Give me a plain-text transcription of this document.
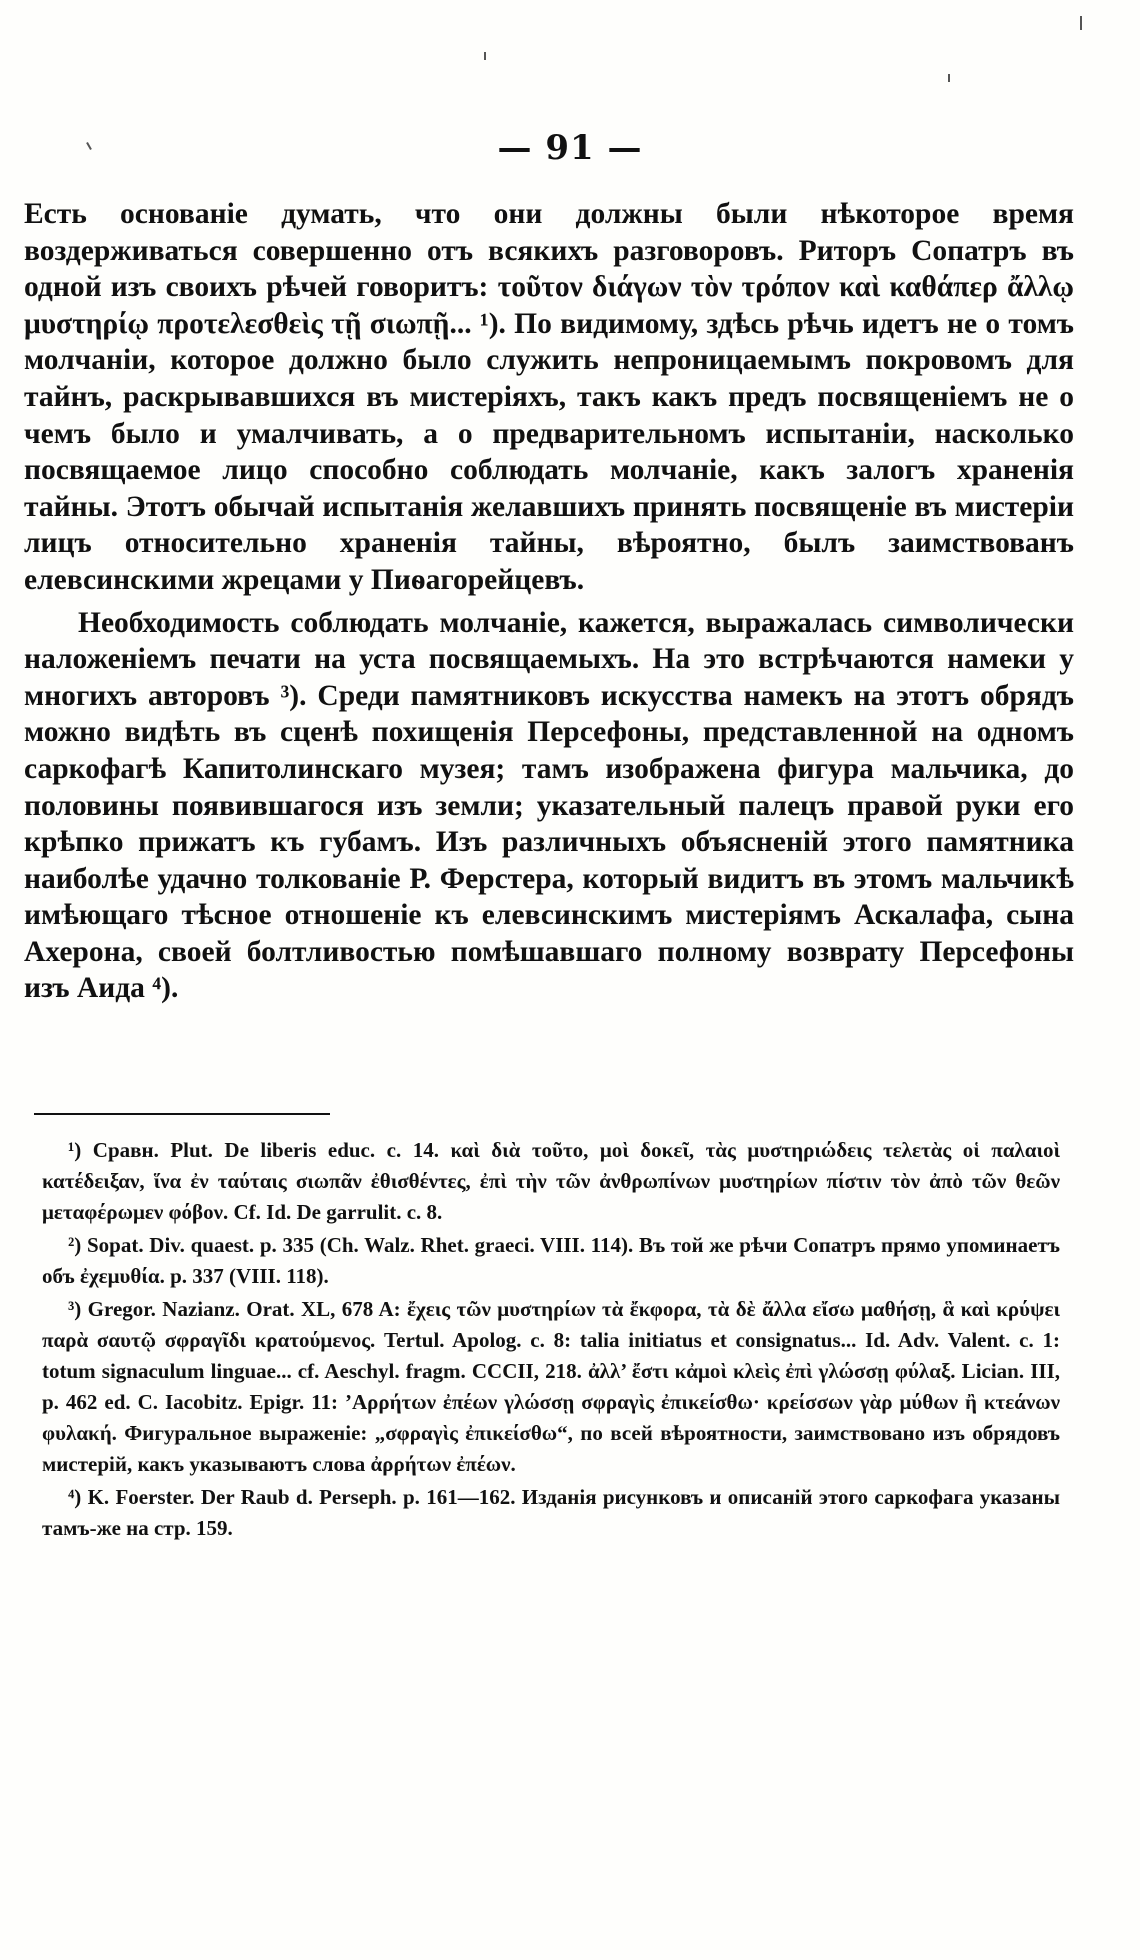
— 91 —

Есть основаніе думать, что они должны были нѣкоторое время воздерживаться совершенно отъ всякихъ разговоровъ. Риторъ Сопатръ въ одной изъ своихъ рѣчей говоритъ: τοῦτον διάγων τὸν τρόπον καὶ καθάπερ ἄλλῳ μυστηρίῳ προτελεσθεὶς τῇ σιωπῇ... ¹). По видимому, здѣсь рѣчь идетъ не о томъ молчаніи, которое должно было служить непроницаемымъ покровомъ для тайнъ, раскрывавшихся въ мистеріяхъ, такъ какъ предъ посвященіемъ не о чемъ было и умалчивать, а о предварительномъ испытаніи, насколько посвящаемое лицо способно соблюдать молчаніе, какъ залогъ храненія тайны. Этотъ обычай испытанія желавшихъ принять посвященіе въ мистеріи лицъ относительно храненія тайны, вѣроятно, былъ заимствованъ елевсинскими жрецами у Пиѳагорейцевъ.

Необходимость соблюдать молчаніе, кажется, выражалась символически наложеніемъ печати на уста посвящаемыхъ. На это встрѣчаются намеки у многихъ авторовъ ³). Среди памятниковъ искусства намекъ на этотъ обрядъ можно видѣть въ сценѣ похищенія Персефоны, представленной на одномъ саркофагѣ Капитолинскаго музея; тамъ изображена фигура мальчика, до половины появившагося изъ земли; указательный палецъ правой руки его крѣпко прижатъ къ губамъ. Изъ различныхъ объясненій этого памятника наиболѣе удачно толкованіе Р. Ферстера, который видитъ въ этомъ мальчикѣ имѣющаго тѣсное отношеніе къ елевсинскимъ мистеріямъ Аскалафа, сына Ахерона, своей болтливостью помѣшавшаго полному возврату Персефоны изъ Аида ⁴).

¹) Сравн. Plut. De liberis educ. c. 14. καὶ διὰ τοῦτο, μοὶ δοκεῖ, τὰς μυστηριώδεις τελετὰς οἱ παλαιοὶ κατέδειξαν, ἵνα ἐν ταύταις σιωπᾶν ἐθισθέντες, ἐπὶ τὴν τῶν ἀνθρωπίνων μυστηρίων πίστιν τὸν ἀπὸ τῶν θεῶν μεταφέρωμεν φόβον. Cf. Id. De garrulit. c. 8.

²) Sopat. Div. quaest. p. 335 (Ch. Walz. Rhet. graeci. VIII. 114). Въ той же рѣчи Сопатръ прямо упоминаетъ объ ἐχεμυθία. p. 337 (VIII. 118).

³) Gregor. Nazianz. Orat. XL, 678 A: ἔχεις τῶν μυστηρίων τὰ ἔκφορα, τὰ δὲ ἄλλα εἴσω μαθήσῃ, ἃ καὶ κρύψει παρὰ σαυτῷ σφραγῖδι κρατούμενος. Tertul. Apolog. c. 8: talia initiatus et consignatus... Id. Adv. Valent. c. 1: totum signaculum linguae... cf. Aeschyl. fragm. CCCII, 218. ἀλλ’ ἔστι κἀμοὶ κλεὶς ἐπὶ γλώσσῃ φύλαξ. Lician. III, p. 462 ed. C. Iacobitz. Epigr. 11: ’Αρρήτων ἐπέων γλώσσῃ σφραγὶς ἐπικείσθω· κρείσσων γὰρ μύθων ἢ κτεάνων φυλακή. Фигуральное выраженіе: „σφραγὶς ἐπικείσθω“, по всей вѣроятности, заимствовано изъ обрядовъ мистерій, какъ указываютъ слова ἀρρήτων ἐπέων.

⁴) K. Foerster. Der Raub d. Perseph. p. 161—162. Изданія рисунковъ и описаній этого саркофага указаны тамъ-же на стр. 159.
